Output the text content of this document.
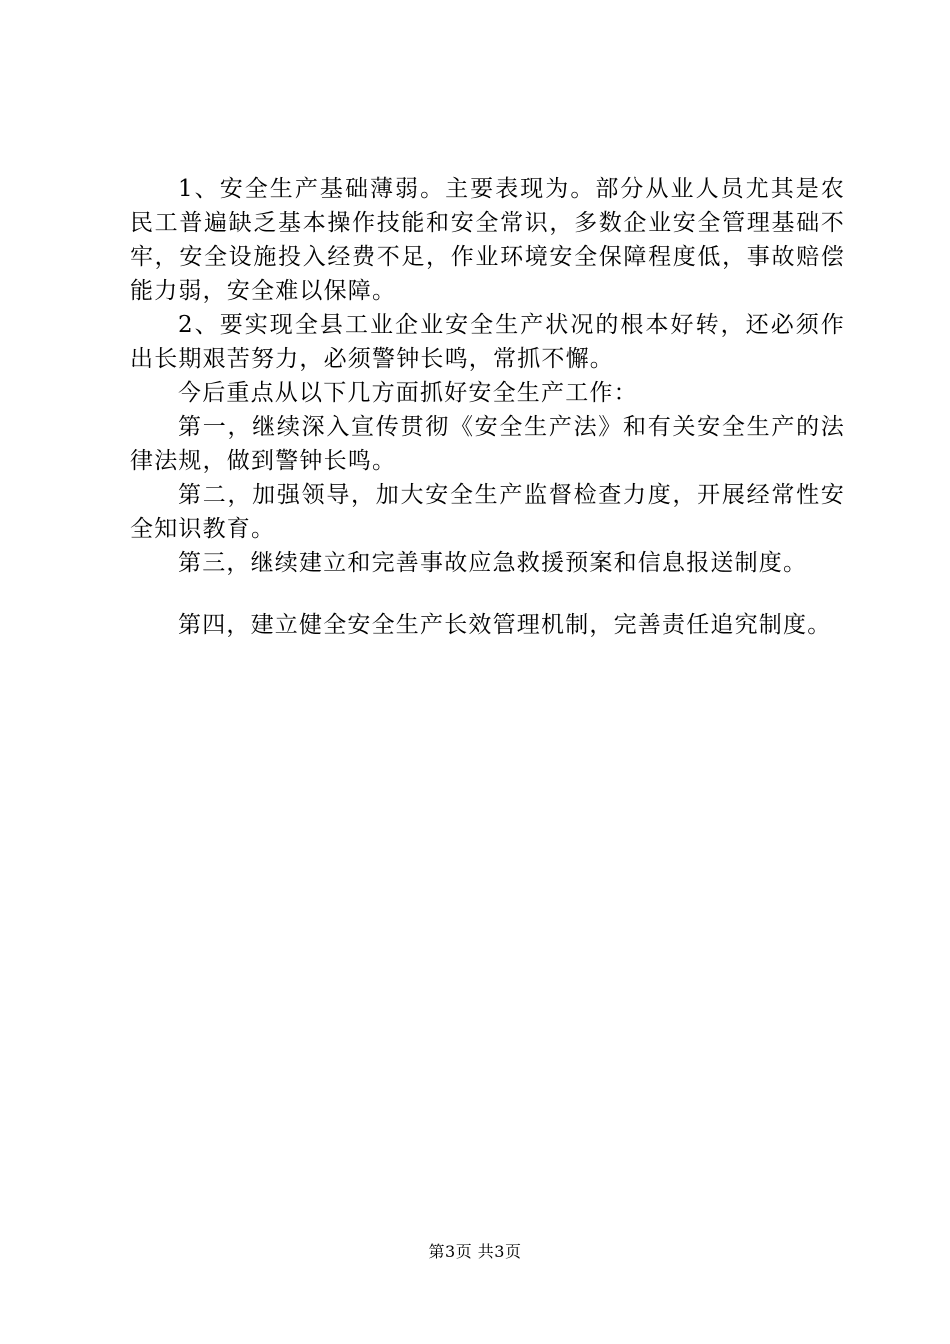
1、安全生产基础薄弱。主要表现为。部分从业人员尤其是农民工普遍缺乏基本操作技能和安全常识，多数企业安全管理基础不牢，安全设施投入经费不足，作业环境安全保障程度低，事故赔偿能力弱，安全难以保障。

2、要实现全县工业企业安全生产状况的根本好转，还必须作出长期艰苦努力，必须警钟长鸣，常抓不懈。

今后重点从以下几方面抓好安全生产工作：

第一，继续深入宣传贯彻《安全生产法》和有关安全生产的法律法规，做到警钟长鸣。

第二，加强领导，加大安全生产监督检查力度，开展经常性安全知识教育。

第三，继续建立和完善事故应急救援预案和信息报送制度。

第四，建立健全安全生产长效管理机制，完善责任追究制度。

第3页 共3页
